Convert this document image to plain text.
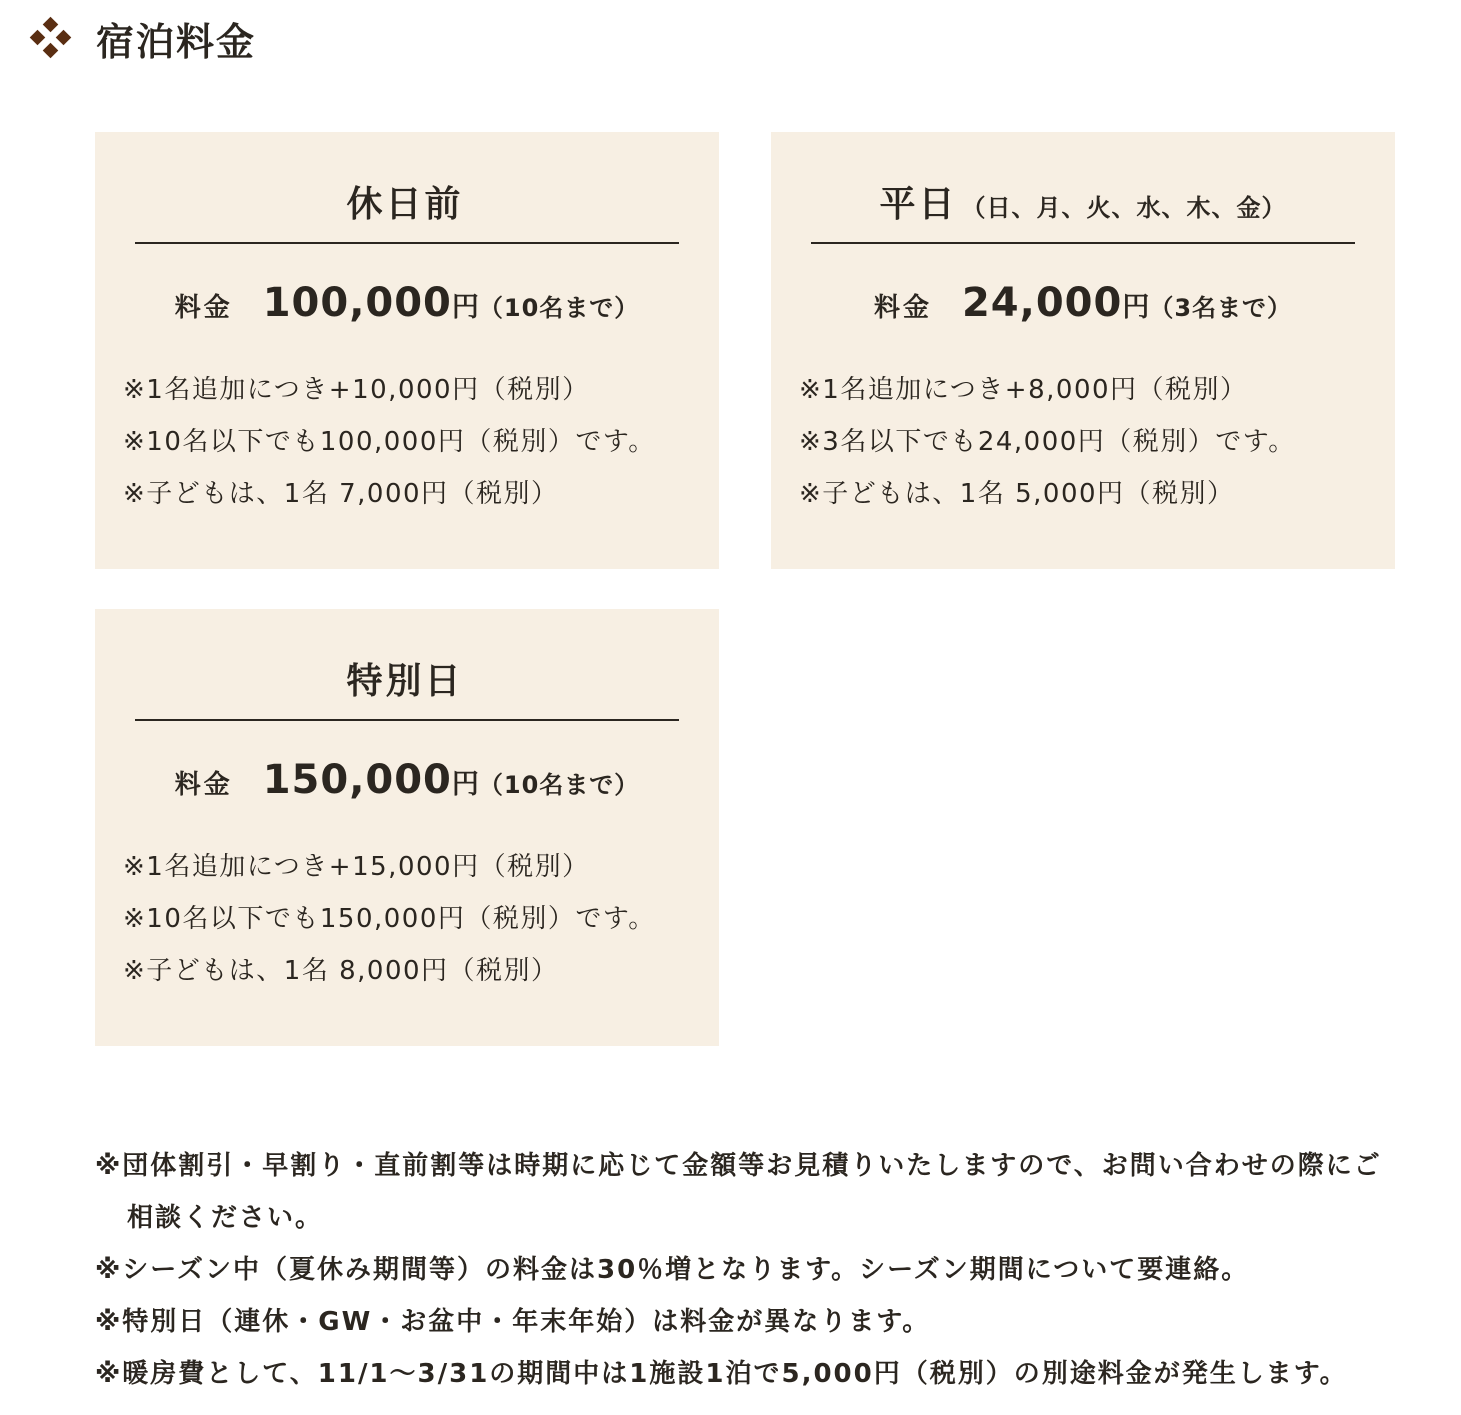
宿泊料金
休日前
料金 100,000円（10名まで）
※1名追加につき+10,000円（税別）
※10名以下でも100,000円（税別）です。
※子どもは、1名 7,000円（税別）
平日 （日、月、火、水、木、金）
料金 24,000円（3名まで）
※1名追加につき+8,000円（税別）
※3名以下でも24,000円（税別）です。
※子どもは、1名 5,000円（税別）
特別日
料金 150,000円（10名まで）
※1名追加につき+15,000円（税別）
※10名以下でも150,000円（税別）です。
※子どもは、1名 8,000円（税別）
※団体割引・早割り・直前割等は時期に応じて金額等お見積りいたしますので、お問い合わせの際にご相談ください。
※シーズン中（夏休み期間等）の料金は30％増となります。シーズン期間について要連絡。
※特別日（連休・GW・お盆中・年末年始）は料金が異なります。
※暖房費として、11/1〜3/31の期間中は1施設1泊で5,000円（税別）の別途料金が発生します。
